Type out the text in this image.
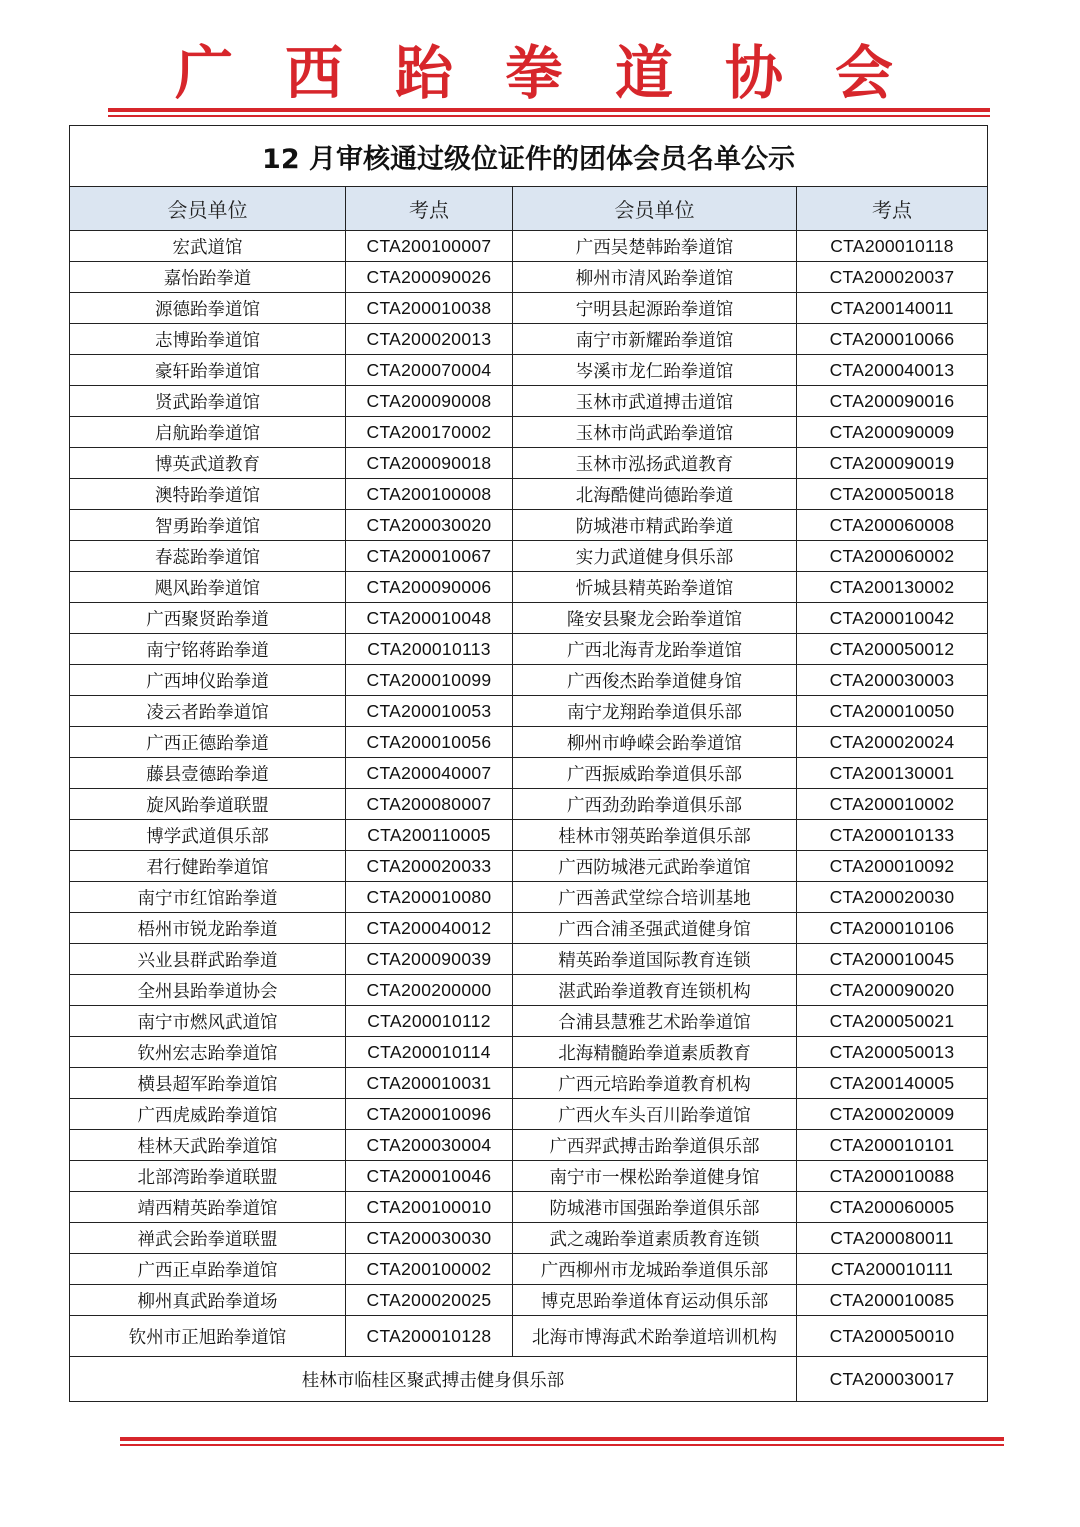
广西跆拳道协会
12 月审核通过级位证件的团体会员名单公示			
会员单位	考点	会员单位	考点
宏武道馆	CTA200100007	广西吴楚韩跆拳道馆	CTA200010118
嘉怡跆拳道	CTA200090026	柳州市清风跆拳道馆	CTA200020037
源德跆拳道馆	CTA200010038	宁明县起源跆拳道馆	CTA200140011
志博跆拳道馆	CTA200020013	南宁市新耀跆拳道馆	CTA200010066
豪轩跆拳道馆	CTA200070004	岑溪市龙仁跆拳道馆	CTA200040013
贤武跆拳道馆	CTA200090008	玉林市武道搏击道馆	CTA200090016
启航跆拳道馆	CTA200170002	玉林市尚武跆拳道馆	CTA200090009
博英武道教育	CTA200090018	玉林市泓扬武道教育	CTA200090019
澳特跆拳道馆	CTA200100008	北海酷健尚德跆拳道	CTA200050018
智勇跆拳道馆	CTA200030020	防城港市精武跆拳道	CTA200060008
春蕊跆拳道馆	CTA200010067	实力武道健身俱乐部	CTA200060002
飓风跆拳道馆	CTA200090006	忻城县精英跆拳道馆	CTA200130002
广西聚贤跆拳道	CTA200010048	隆安县聚龙会跆拳道馆	CTA200010042
南宁铭蒋跆拳道	CTA200010113	广西北海青龙跆拳道馆	CTA200050012
广西坤仪跆拳道	CTA200010099	广西俊杰跆拳道健身馆	CTA200030003
凌云者跆拳道馆	CTA200010053	南宁龙翔跆拳道俱乐部	CTA200010050
广西正德跆拳道	CTA200010056	柳州市峥嵘会跆拳道馆	CTA200020024
藤县壹德跆拳道	CTA200040007	广西振威跆拳道俱乐部	CTA200130001
旋风跆拳道联盟	CTA200080007	广西劲劲跆拳道俱乐部	CTA200010002
博学武道俱乐部	CTA200110005	桂林市翎英跆拳道俱乐部	CTA200010133
君行健跆拳道馆	CTA200020033	广西防城港元武跆拳道馆	CTA200010092
南宁市红馆跆拳道	CTA200010080	广西善武堂综合培训基地	CTA200020030
梧州市锐龙跆拳道	CTA200040012	广西合浦圣强武道健身馆	CTA200010106
兴业县群武跆拳道	CTA200090039	精英跆拳道国际教育连锁	CTA200010045
全州县跆拳道协会	CTA200200000	湛武跆拳道教育连锁机构	CTA200090020
南宁市燃风武道馆	CTA200010112	合浦县慧雅艺术跆拳道馆	CTA200050021
钦州宏志跆拳道馆	CTA200010114	北海精髓跆拳道素质教育	CTA200050013
横县超军跆拳道馆	CTA200010031	广西元培跆拳道教育机构	CTA200140005
广西虎威跆拳道馆	CTA200010096	广西火车头百川跆拳道馆	CTA200020009
桂林天武跆拳道馆	CTA200030004	广西羿武搏击跆拳道俱乐部	CTA200010101
北部湾跆拳道联盟	CTA200010046	南宁市一棵松跆拳道健身馆	CTA200010088
靖西精英跆拳道馆	CTA200100010	防城港市国强跆拳道俱乐部	CTA200060005
禅武会跆拳道联盟	CTA200030030	武之魂跆拳道素质教育连锁	CTA200080011
广西正卓跆拳道馆	CTA200100002	广西柳州市龙城跆拳道俱乐部	CTA200010111
柳州真武跆拳道场	CTA200020025	博克思跆拳道体育运动俱乐部	CTA200010085
钦州市正旭跆拳道馆	CTA200010128	北海市博海武术跆拳道培训机构	CTA200050010
桂林市临桂区聚武搏击健身俱乐部			CTA200030017
